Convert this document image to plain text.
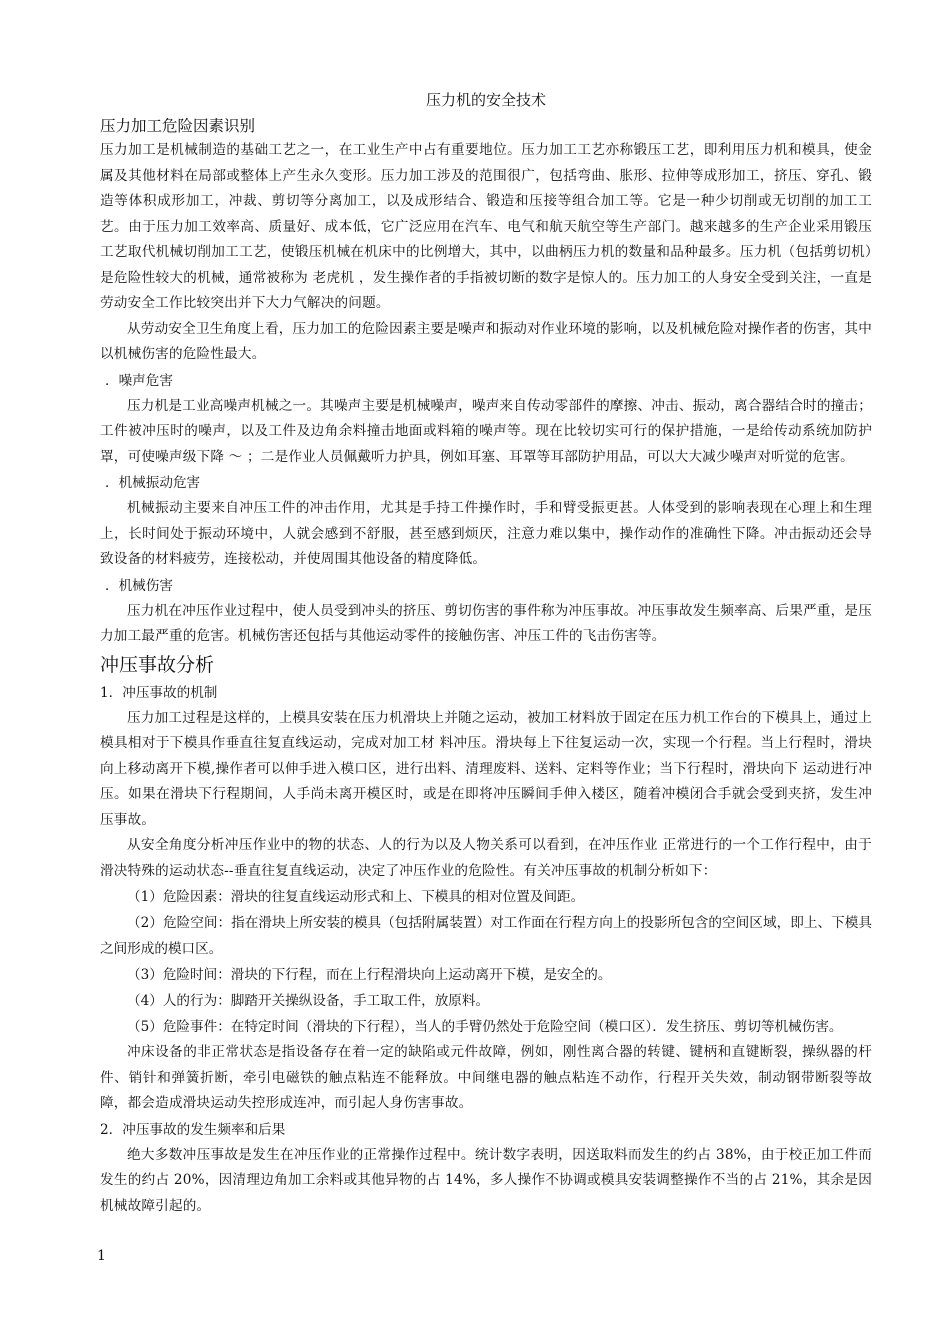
压力机的安全技术
压力加工危险因素识别

压力加工是机械制造的基础工艺之一，在工业生产中占有重要地位。压力加工工艺亦称锻压工艺，即利用压力机和模具，使金属及其他材料在局部或整体上产生永久变形。压力加工涉及的范围很广，包括弯曲、胀形、拉伸等成形加工，挤压、穿孔、锻造等体积成形加工，冲裁、剪切等分离加工，以及成形结合、锻造和压接等组合加工等。它是一种少切削或无切削的加工工艺。由于压力加工效率高、质量好、成本低，它广泛应用在汽车、电气和航天航空等生产部门。越来越多的生产企业采用锻压工艺取代机械切削加工工艺，使锻压机械在机床中的比例增大，其中，以曲柄压力机的数量和品种最多。压力机（包括剪切机）是危险性较大的机械，通常被称为 老虎机 ，发生操作者的手指被切断的数字是惊人的。压力加工的人身安全受到关注，一直是劳动安全工作比较突出并下大力气解决的问题。

从劳动安全卫生角度上看，压力加工的危险因素主要是噪声和振动对作业环境的影响，以及机械危险对操作者的伤害，其中以机械伤害的危险性最大。

．噪声危害

压力机是工业高噪声机械之一。其噪声主要是机械噪声，噪声来自传动零部件的摩擦、冲击、振动，离合器结合时的撞击；工件被冲压时的噪声，以及工件及边角余料撞击地面或料箱的噪声等。现在比较切实可行的保护措施，一是给传动系统加防护罩，可使噪声级下降 ～ ；二是作业人员佩戴听力护具，例如耳塞、耳罩等耳部防护用品，可以大大减少噪声对听觉的危害。

．机械振动危害

机械振动主要来自冲压工件的冲击作用，尤其是手持工件操作时，手和臂受振更甚。人体受到的影响表现在心理上和生理上，长时间处于振动环境中，人就会感到不舒服，甚至感到烦厌，注意力难以集中，操作动作的准确性下降。冲击振动还会导致设备的材料疲劳，连接松动，并使周围其他设备的精度降低。

．机械伤害

压力机在冲压作业过程中，使人员受到冲头的挤压、剪切伤害的事件称为冲压事故。冲压事故发生频率高、后果严重，是压力加工最严重的危害。机械伤害还包括与其他运动零件的接触伤害、冲压工件的飞击伤害等。

冲压事故分析
1．冲压事故的机制

压力加工过程是这样的，上模具安装在压力机滑块上并随之运动，被加工材料放于固定在压力机工作台的下模具上，通过上模具相对于下模具作垂直往复直线运动，完成对加工材 料冲压。滑块每上下往复运动一次，实现一个行程。当上行程时，滑块向上移动离开下模,操作者可以伸手进入模口区，进行出料、清理废料、送料、定料等作业；当下行程时，滑块向下 运动进行冲压。如果在滑块下行程期间，人手尚未离开模区时，或是在即将冲压瞬间手伸入楼区，随着冲模闭合手就会受到夹挤，发生冲压事故。

从安全角度分析冲压作业中的物的状态、人的行为以及人物关系可以看到，在冲压作业 正常进行的一个工作行程中，由于滑决特殊的运动状态--垂直往复直线运动，决定了冲压作业的危险性。有关冲压事故的机制分析如下：

（1）危险因素：滑块的往复直线运动形式和上、下模具的相对位置及间距。

（2）危险空间：指在滑块上所安装的模具（包括附属装置）对工作面在行程方向上的投影所包含的空间区域，即上、下模具之间形成的模口区。

（3）危险时间：滑块的下行程，而在上行程滑块向上运动离开下模，是安全的。

（4）人的行为：脚踏开关操纵设备，手工取工件，放原料。

（5）危险事件：在特定时间（滑块的下行程），当人的手臂仍然处于危险空间（模口区）．发生挤压、剪切等机械伤害。

冲床设备的非正常状态是指设备存在着一定的缺陷或元件故障，例如，刚性离合器的转键、键柄和直键断裂，操纵器的杆件、销针和弹簧折断，牵引电磁铁的触点粘连不能释放。中间继电器的触点粘连不动作，行程开关失效，制动钢带断裂等故障，都会造成滑块运动失控形成连冲，而引起人身伤害事故。

2．冲压事故的发生频率和后果

绝大多数冲压事故是发生在冲压作业的正常操作过程中。统计数字表明，因送取料而发生的约占 38%，由于校正加工件而发生的约占 20%，因清理边角加工余料或其他异物的占 14%，多人操作不协调或模具安装调整操作不当的占 21%，其余是因机械故障引起的。

1
